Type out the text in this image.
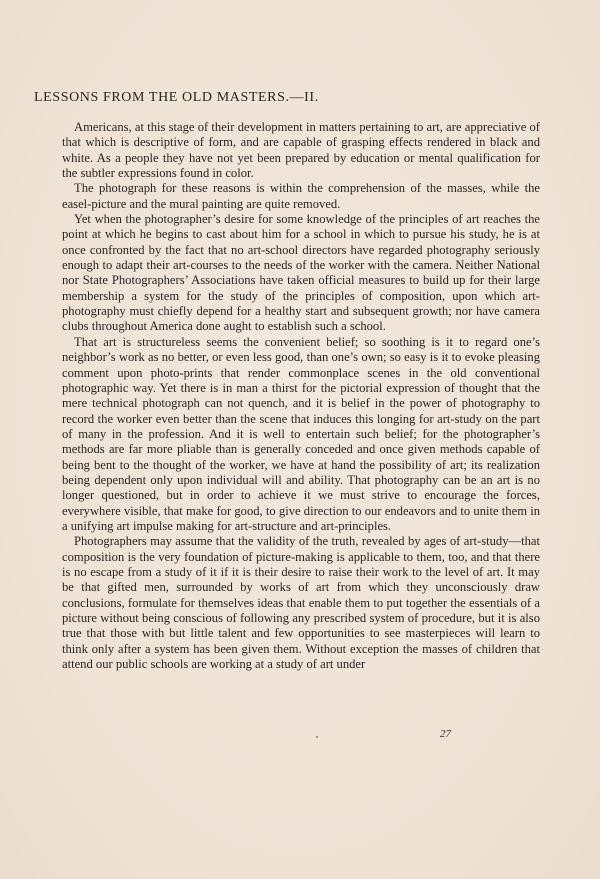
LESSONS FROM THE OLD MASTERS.—II.

Americans, at this stage of their development in matters pertaining to art, are appreciative of that which is descriptive of form, and are capable of grasping effects rendered in black and white. As a people they have not yet been prepared by education or mental qualification for the subtler expressions found in color.

The photograph for these reasons is within the comprehension of the masses, while the easel-picture and the mural painting are quite removed.

Yet when the photographer’s desire for some knowledge of the principles of art reaches the point at which he begins to cast about him for a school in which to pursue his study, he is at once confronted by the fact that no art-school directors have regarded photography seriously enough to adapt their art-courses to the needs of the worker with the camera. Neither National nor State Photographers’ Associations have taken official measures to build up for their large membership a system for the study of the principles of composition, upon which art-photography must chiefly depend for a healthy start and subsequent growth; nor have camera clubs throughout America done aught to establish such a school.

That art is structureless seems the convenient belief; so soothing is it to regard one’s neighbor’s work as no better, or even less good, than one’s own; so easy is it to evoke pleasing comment upon photo-prints that render commonplace scenes in the old conventional photographic way. Yet there is in man a thirst for the pictorial expression of thought that the mere technical photograph can not quench, and it is belief in the power of photography to record the worker even better than the scene that induces this longing for art-study on the part of many in the profession. And it is well to entertain such belief; for the photographer’s methods are far more pliable than is generally conceded and once given methods capable of being bent to the thought of the worker, we have at hand the possibility of art; its realization being dependent only upon individual will and ability. That photography can be an art is no longer questioned, but in order to achieve it we must strive to encourage the forces, everywhere visible, that make for good, to give direction to our endeavors and to unite them in a unifying art impulse making for art-structure and art-principles.

Photographers may assume that the validity of the truth, revealed by ages of art-study—that composition is the very foundation of picture-making is applicable to them, too, and that there is no escape from a study of it if it is their desire to raise their work to the level of art. It may be that gifted men, surrounded by works of art from which they unconsciously draw conclusions, formulate for themselves ideas that enable them to put together the essentials of a picture without being conscious of following any prescribed system of procedure, but it is also true that those with but little talent and few opportunities to see masterpieces will learn to think only after a system has been given them. Without exception the masses of children that attend our public schools are working at a study of art under

27
